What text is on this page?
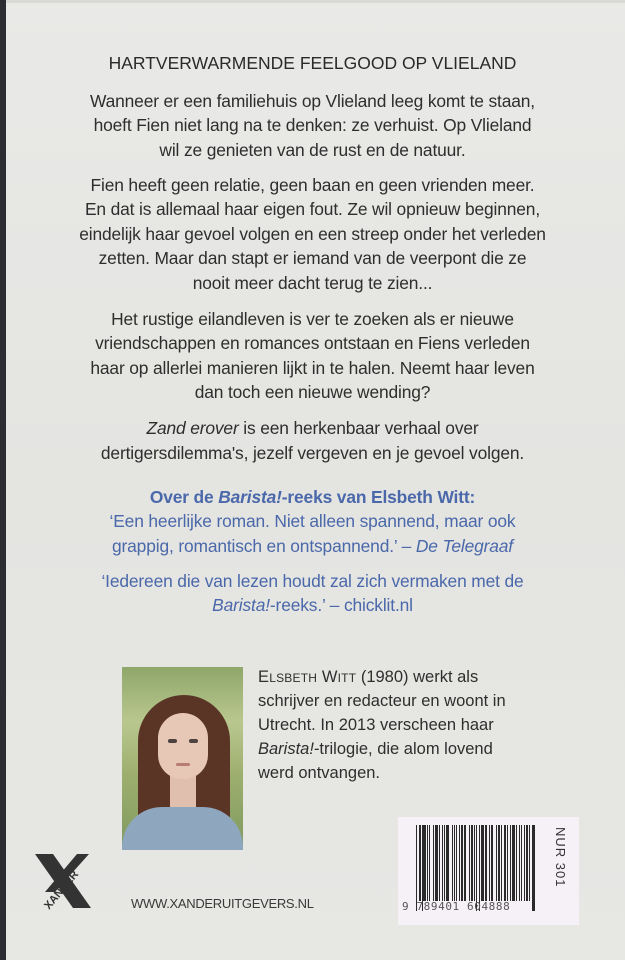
HARTVERWARMENDE FEELGOOD OP VLIELAND
Wanneer er een familiehuis op Vlieland leeg komt te staan,
hoeft Fien niet lang na te denken: ze verhuist. Op Vlieland
wil ze genieten van de rust en de natuur.
Fien heeft geen relatie, geen baan en geen vrienden meer.
En dat is allemaal haar eigen fout. Ze wil opnieuw beginnen,
eindelijk haar gevoel volgen en een streep onder het verleden
zetten. Maar dan stapt er iemand van de veerpont die ze
nooit meer dacht terug te zien...
Het rustige eilandleven is ver te zoeken als er nieuwe
vriendschappen en romances ontstaan en Fiens verleden
haar op allerlei manieren lijkt in te halen. Neemt haar leven
dan toch een nieuwe wending?
Zand erover is een herkenbaar verhaal over
dertigersdilemma's, jezelf vergeven en je gevoel volgen.
Over de Barista!-reeks van Elsbeth Witt:
‘Een heerlijke roman. Niet alleen spannend, maar ook
grappig, romantisch en ontspannend.’ – De Telegraaf
‘Iedereen die van lezen houdt zal zich vermaken met de
Barista!-reeks.’ – chicklit.nl
Elsbeth Witt (1980) werkt als
schrijver en redacteur en woont in
Utrecht. In 2013 verscheen haar
Barista!-trilogie, die alom lovend
werd ontvangen.
9 789401 604888
NUR 301
XANDER	WWW.XANDERUITGEVERS.NL
